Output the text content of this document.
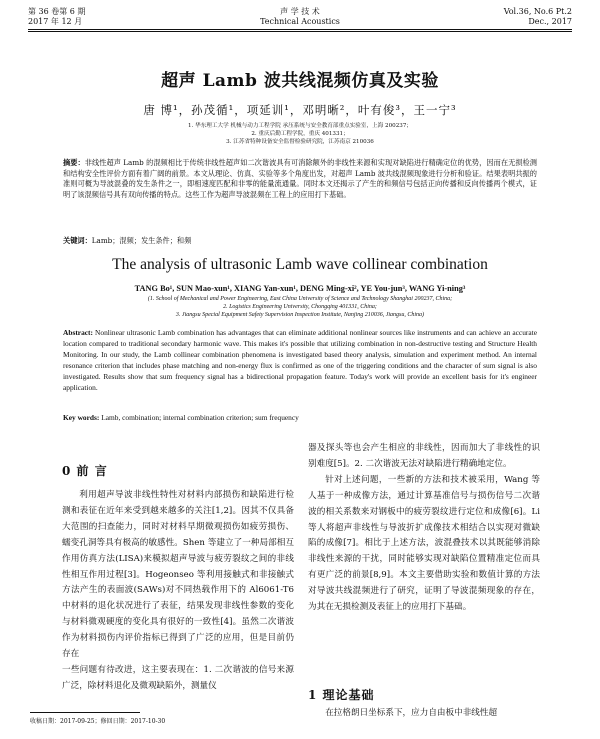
第 36 卷第 6 期
2017 年 12 月
声 学 技 术
Technical Acoustics
Vol.36, No.6 Pt.2
Dec., 2017
超声 Lamb 波共线混频仿真及实验
唐 博¹，孙茂循¹，项延训¹，邓明晰²，叶有俊³，王一宁³
1. 华东理工大学 机械与动力工程学院 承压系统与安全教育部重点实验室，上海 200237；
2. 重庆后勤工程学院，重庆 401331；
3. 江苏省特种设备安全监督检验研究院，江苏南京 210036
摘要：非线性超声 Lamb 的混频相比于传统非线性超声如二次谐波具有可消除额外的非线性来源和实现对缺陷进行精确定位的优势，因而在无损检测和结构安全性评价方面有着广阔的前景。本文从理论、仿真、实验等多个角度出发，对超声 Lamb 波共线混频现象进行分析和验证。结果表明共振的准则可概为导波混叠的发生条件之一，即相速度匹配和非零的能量流通量。同时本文还揭示了产生的和频信号包括正向传播和反向传播两个模式，证明了该混频信号具有双向传播的特点。这些工作为超声导波混频在工程上的应用打下基础。
关键词：Lamb；混频；发生条件；和频
The analysis of ultrasonic Lamb wave collinear combination
TANG Bo¹, SUN Mao-xun¹, XIANG Yan-xun¹, DENG Ming-xi², YE You-jun³, WANG Yi-ning³
(1. School of Mechanical and Power Engineering, East China University of Science and Technology Shanghai 200237, China;
2. Logistics Engineering University, Chongqing 401331, China;
3. Jiangsu Special Equipment Safety Supervision Inspection Institute, Nanjing 210036, Jiangsu, China)
Abstract: Nonlinear ultrasonic Lamb combination has advantages that can eliminate additional nonlinear sources like instruments and can achieve an accurate location compared to traditional secondary harmonic wave. This makes it's possible that utilizing combination in non-destructive testing and Structure Health Monitoring. In our study, the Lamb collinear combination phenomena is investigated based theory analysis, simulation and experiment method. An internal resonance criterion that includes phase matching and non-energy flux is confirmed as one of the triggering conditions and the character of sum signal is also investigated. Results show that sum frequency signal has a bidirectional propagation feature. Today's work will provide an excellent basis for it's engineer application.
Key words: Lamb, combination; internal combination criterion; sum frequency
0 前 言

利用超声导波非线性特性对材料内部损伤和缺陷进行检测和表征在近年来受到越来越多的关注[1,2]。因其不仅具备大范围的扫查能力，同时对材料早期微观损伤如疲劳损伤、蠕变孔洞等具有极高的敏感性。Shen 等建立了一种局部相互作用仿真方法(LISA)来模拟超声导波与疲劳裂纹之间的非线性相互作用过程[3]。Hogeonseo 等利用接触式和非接触式方法产生的表面波(SAWs)对不同热载作用下的 Al6061-T6 中材料的退化状况进行了表征，结果发现非线性参数的变化与材料微观硬度的变化具有很好的一致性[4]。虽然二次谐波作为材料损伤内评价指标已得到了广泛的应用，但是目前仍存在

一些问题有待改进，这主要表现在：1. 二次谐波的信号来源广泛，除材料退化及微观缺陷外，测量仪

器及探头等也会产生相应的非线性，因而加大了非线性的识别难度[5]。2. 二次谐波无法对缺陷进行精确地定位。

针对上述问题，一些新的方法和技术被采用，Wang 等人基于一种成像方法，通过计算基准信号与损伤信号二次谐波的相关系数来对钢板中的疲劳裂纹进行定位和成像[6]。Li 等人将超声非线性与导波折扩成像技术相结合以实现对微缺陷的成像[7]。相比于上述方法，波混叠技术以其既能够消除非线性来源的干扰，同时能够实现对缺陷位置精准定位而具有更广泛的前景[8,9]。本文主要借助实验和数值计算的方法对导波共线混频进行了研究，证明了导波混频现象的存在，为其在无损检测及表征上的应用打下基础。

1 理论基础

在拉格朗日坐标系下，应力自由板中非线性超

收稿日期：2017-09-25；修回日期：2017-10-30
